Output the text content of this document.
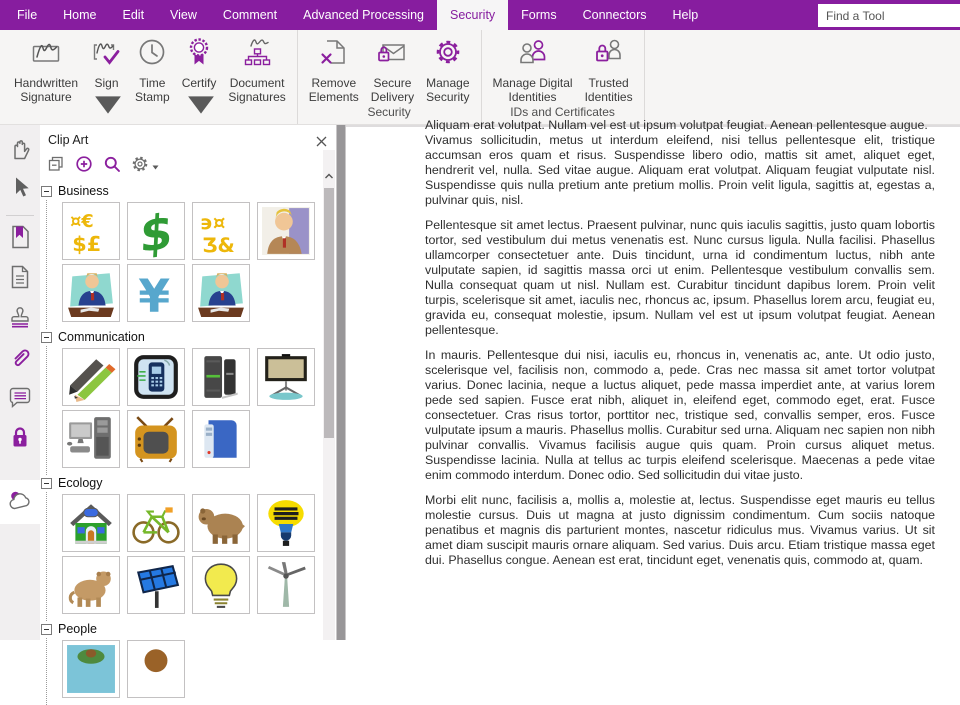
File	Home	Edit	View	Comment	Advanced Processing	Security	Forms	Connectors	Help
Find a Tool
Handwritten
Signature
Sign Time
Stamp
Certify Document
Signatures
Remove
Elements
Secure
Delivery
Manage
Security
Security
Manage Digital
Identities
Trusted
Identities
IDs and Certificates
Clip Art
Business
¤€
$£ $ ϶¤
Ʒ&
¥
Communication
Ecology
People
Aliquam erat volutpat. Nullam vel est ut ipsum volutpat feugiat. Aenean pellentesque augue.

Vivamus sollicitudin, metus ut interdum eleifend, nisi tellus pellentesque elit, tristique accumsan eros quam et risus. Suspendisse libero odio, mattis sit amet, aliquet eget, hendrerit vel, nulla. Sed vitae augue. Aliquam erat volutpat. Aliquam feugiat vulputate nisl. Suspendisse quis nulla pretium ante pretium mollis. Proin velit ligula, sagittis at, egestas a, pulvinar quis, nisl.

Pellentesque sit amet lectus. Praesent pulvinar, nunc quis iaculis sagittis, justo quam lobortis tortor, sed vestibulum dui metus venenatis est. Nunc cursus ligula. Nulla facilisi. Phasellus ullamcorper consectetuer ante. Duis tincidunt, urna id condimentum luctus, nibh ante vulputate sapien, id sagittis massa orci ut enim. Pellentesque vestibulum convallis sem. Nulla consequat quam ut nisl. Nullam est. Curabitur tincidunt dapibus lorem. Proin velit turpis, scelerisque sit amet, iaculis nec, rhoncus ac, ipsum. Phasellus lorem arcu, feugiat eu, gravida eu, consequat molestie, ipsum. Nullam vel est ut ipsum volutpat feugiat. Aenean pellentesque.

In mauris. Pellentesque dui nisi, iaculis eu, rhoncus in, venenatis ac, ante. Ut odio justo, scelerisque vel, facilisis non, commodo a, pede. Cras nec massa sit amet tortor volutpat varius. Donec lacinia, neque a luctus aliquet, pede massa imperdiet ante, at varius lorem pede sed sapien. Fusce erat nibh, aliquet in, eleifend eget, commodo eget, erat. Fusce consectetuer. Cras risus tortor, porttitor nec, tristique sed, convallis semper, eros. Fusce vulputate ipsum a mauris. Phasellus mollis. Curabitur sed urna. Aliquam nec sapien non nibh pulvinar convallis. Vivamus facilisis augue quis quam. Proin cursus aliquet metus. Suspendisse lacinia. Nulla at tellus ac turpis eleifend scelerisque. Maecenas a pede vitae enim commodo interdum. Donec odio. Sed sollicitudin dui vitae justo.

Morbi elit nunc, facilisis a, mollis a, molestie at, lectus. Suspendisse eget mauris eu tellus molestie cursus. Duis ut magna at justo dignissim condimentum. Cum sociis natoque penatibus et magnis dis parturient montes, nascetur ridiculus mus. Vivamus varius. Ut sit amet diam suscipit mauris ornare aliquam. Sed varius. Duis arcu. Etiam tristique massa eget dui. Phasellus congue. Aenean est erat, tincidunt eget, venenatis quis, commodo at, quam.
